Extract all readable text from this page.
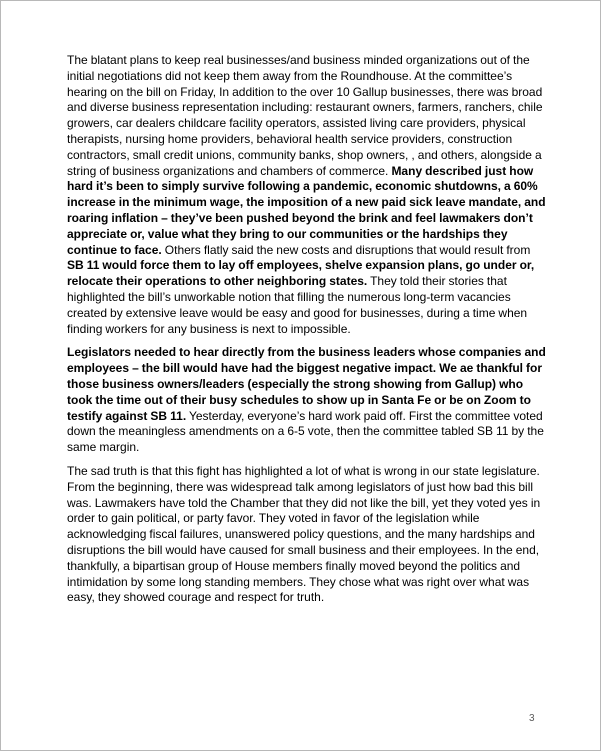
The blatant plans to keep real businesses/and business minded organizations out of the initial negotiations did not keep them away from the Roundhouse. At the committee’s hearing on the bill on Friday, In addition to the over 10 Gallup businesses, there was broad and diverse business representation including: restaurant owners, farmers, ranchers, chile growers, car dealers childcare facility operators, assisted living care providers, physical therapists, nursing home providers, behavioral health service providers, construction contractors, small credit unions, community banks, shop owners, , and others, alongside a string of business organizations and chambers of commerce. Many described just how hard it’s been to simply survive following a pandemic, economic shutdowns, a 60% increase in the minimum wage, the imposition of a new paid sick leave mandate, and roaring inflation – they’ve been pushed beyond the brink and feel lawmakers don’t appreciate or, value what they bring to our communities or the hardships they continue to face. Others flatly said the new costs and disruptions that would result from SB 11 would force them to lay off employees, shelve expansion plans, go under or, relocate their operations to other neighboring states. They told their stories that highlighted the bill’s unworkable notion that filling the numerous long-term vacancies created by extensive leave would be easy and good for businesses, during a time when finding workers for any business is next to impossible.

Legislators needed to hear directly from the business leaders whose companies and employees – the bill would have had the biggest negative impact. We ae thankful for those business owners/leaders (especially the strong showing from Gallup) who took the time out of their busy schedules to show up in Santa Fe or be on Zoom to testify against SB 11. Yesterday, everyone’s hard work paid off. First the committee voted down the meaningless amendments on a 6-5 vote, then the committee tabled SB 11 by the same margin.

The sad truth is that this fight has highlighted a lot of what is wrong in our state legislature. From the beginning, there was widespread talk among legislators of just how bad this bill was. Lawmakers have told the Chamber that they did not like the bill, yet they voted yes in order to gain political, or party favor. They voted in favor of the legislation while acknowledging fiscal failures, unanswered policy questions, and the many hardships and disruptions the bill would have caused for small business and their employees. In the end, thankfully, a bipartisan group of House members finally moved beyond the politics and intimidation by some long standing members. They chose what was right over what was easy, they showed courage and respect for truth.

3
